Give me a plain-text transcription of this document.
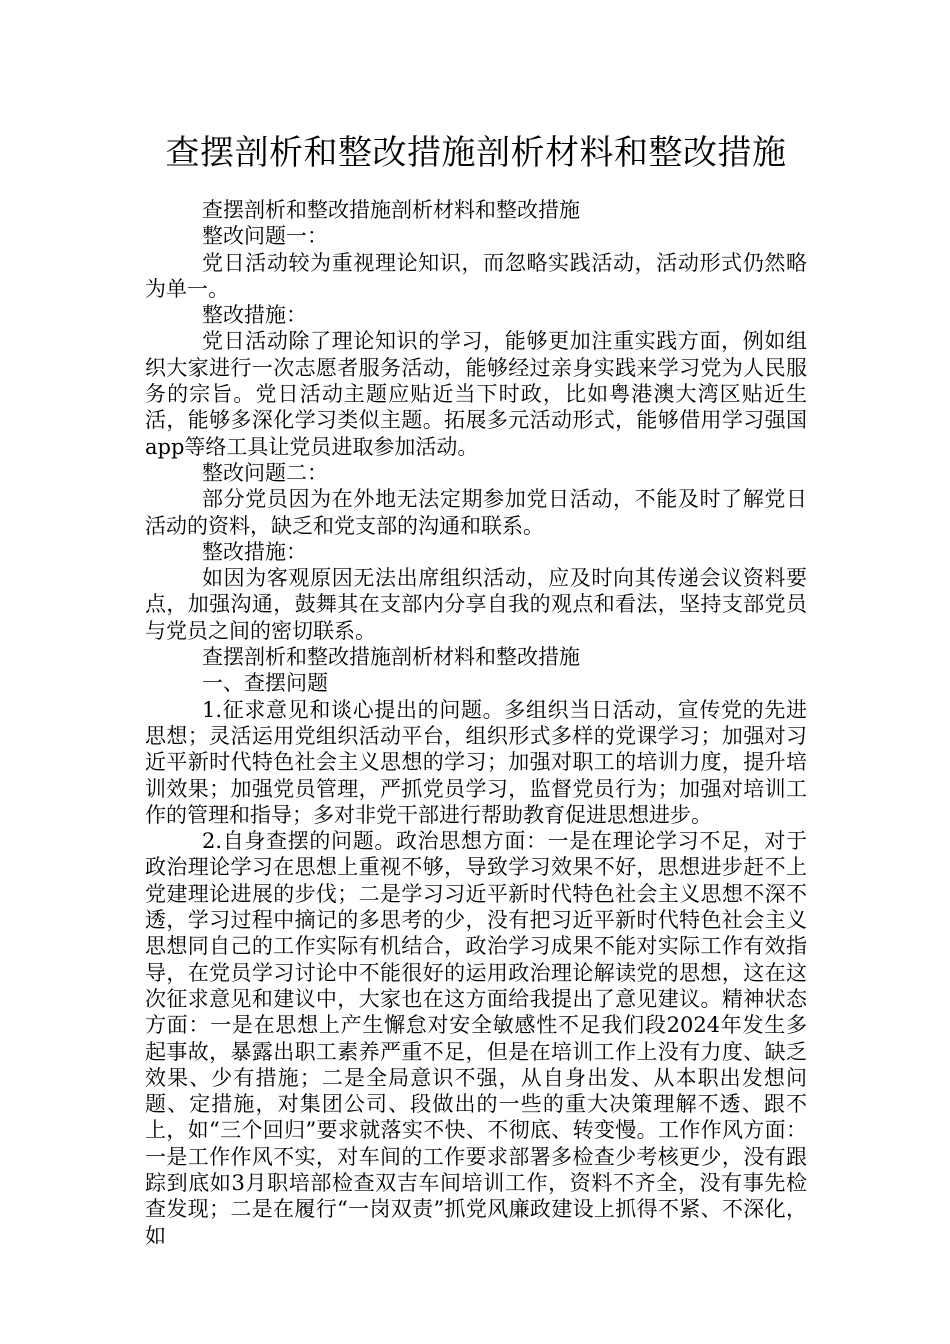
查摆剖析和整改措施剖析材料和整改措施

查摆剖析和整改措施剖析材料和整改措施

整改问题一：

党日活动较为重视理论知识，而忽略实践活动，活动形式仍然略为单一。

整改措施：

党日活动除了理论知识的学习，能够更加注重实践方面，例如组织大家进行一次志愿者服务活动，能够经过亲身实践来学习党为人民服务的宗旨。党日活动主题应贴近当下时政，比如粤港澳大湾区贴近生活，能够多深化学习类似主题。拓展多元活动形式，能够借用学习强国app等络工具让党员进取参加活动。

整改问题二：

部分党员因为在外地无法定期参加党日活动，不能及时了解党日活动的资料，缺乏和党支部的沟通和联系。

整改措施：

如因为客观原因无法出席组织活动，应及时向其传递会议资料要点，加强沟通，鼓舞其在支部内分享自我的观点和看法，坚持支部党员与党员之间的密切联系。

查摆剖析和整改措施剖析材料和整改措施

一、查摆问题

1.征求意见和谈心提出的问题。多组织当日活动，宣传党的先进思想；灵活运用党组织活动平台，组织形式多样的党课学习；加强对习近平新时代特色社会主义思想的学习；加强对职工的培训力度，提升培训效果；加强党员管理，严抓党员学习，监督党员行为；加强对培训工作的管理和指导；多对非党干部进行帮助教育促进思想进步。

2.自身查摆的问题。政治思想方面：一是在理论学习不足，对于政治理论学习在思想上重视不够，导致学习效果不好，思想进步赶不上党建理论进展的步伐；二是学习习近平新时代特色社会主义思想不深不透，学习过程中摘记的多思考的少，没有把习近平新时代特色社会主义思想同自己的工作实际有机结合，政治学习成果不能对实际工作有效指导，在党员学习讨论中不能很好的运用政治理论解读党的思想，这在这次征求意见和建议中，大家也在这方面给我提出了意见建议。精神状态方面：一是在思想上产生懈怠对安全敏感性不足我们段2024年发生多起事故，暴露出职工素养严重不足，但是在培训工作上没有力度、缺乏效果、少有措施；二是全局意识不强，从自身出发、从本职出发想问题、定措施，对集团公司、段做出的一些的重大决策理解不透、跟不上，如“三个回归”要求就落实不快、不彻底、转变慢。工作作风方面：一是工作作风不实，对车间的工作要求部署多检查少考核更少，没有跟踪到底如3月职培部检查双吉车间培训工作，资料不齐全，没有事先检查发现；二是在履行“一岗双责”抓党风廉政建设上抓得不紧、不深化，如
